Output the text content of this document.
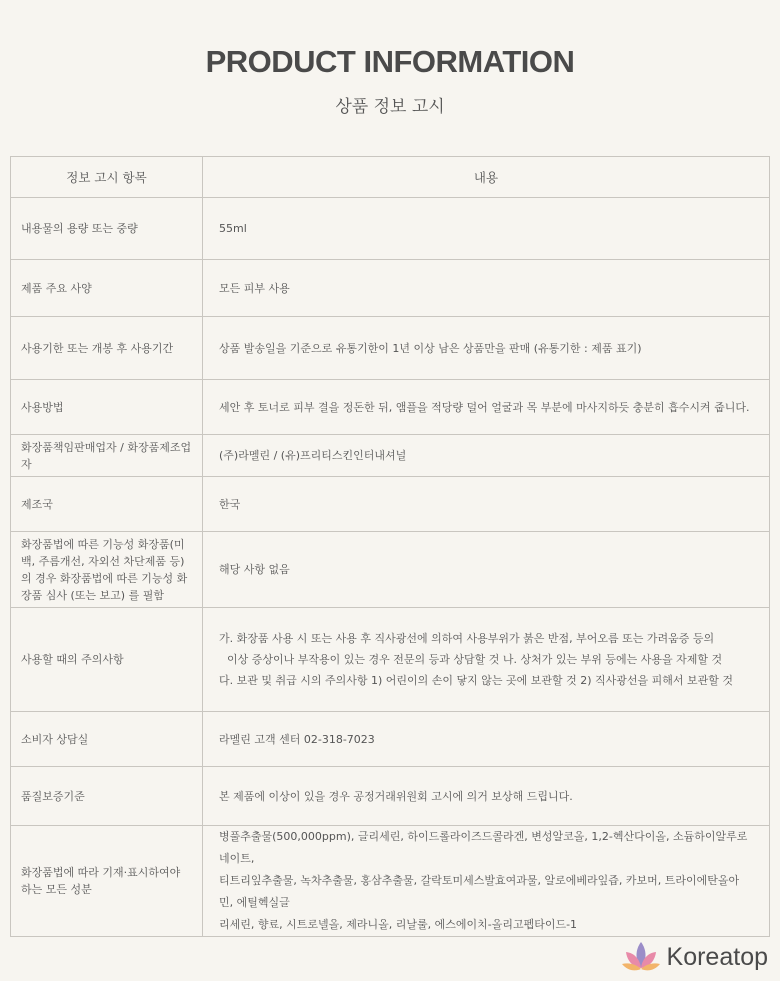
PRODUCT INFORMATION
상품 정보 고시
정보 고시 항목	내용
내용물의 용량 또는 중량	55ml

제품 주요 사양	모든 피부 사용

사용기한 또는 개봉 후 사용기간	상품 발송일을 기준으로 유통기한이 1년 이상 남은 상품만을 판매 (유통기한 : 제품 표기)

사용방법	세안 후 토너로 피부 결을 정돈한 뒤, 앰플을 적당량 덜어 얼굴과 목 부분에 마사지하듯 충분히 흡수시켜 줍니다.

화장품책임판매업자 / 화장품제조업자	(주)라멜린 / (유)프리티스킨인터내셔널

제조국	한국

화장품법에 따른 기능성 화장품(미백, 주름개선, 자외선 차단제품 등)의 경우 화장품법에 따른 기능성 화장품 심사 (또는 보고) 를 필함	해당 사항 없음

사용할 때의 주의사항	가. 화장품 사용 시 또는 사용 후 직사광선에 의하여 사용부위가 붉은 반점, 부어오름 또는 가려움증 등의
이상 증상이나 부작용이 있는 경우 전문의 등과 상담할 것 나. 상처가 있는 부위 등에는 사용을 자제할 것
다. 보관 및 취급 시의 주의사항 1) 어린이의 손이 닿지 않는 곳에 보관할 것 2) 직사광선을 피해서 보관할 것

소비자 상담실	라멜린 고객 센터 02-318-7023

품질보증기준	본 제품에 이상이 있을 경우 공정거래위원회 고시에 의거 보상해 드립니다.

화장품법에 따라 기재·표시하여야 하는 모든 성분	병풀추출물(500,000ppm), 글리세린, 하이드롤라이즈드콜라겐, 변성알코올, 1,2-헥산다이올, 소듐하이알루로네이트,
티트리잎추출물, 녹차추출물, 홍삼추출물, 갈락토미세스발효여과물, 알로에베라잎즙, 카보머, 트라이에탄올아민, 에틸헥실글
리세린, 향료, 시트로넬올, 제라니올, 리날룰, 에스에이치-올리고펩타이드-1
Koreatop
